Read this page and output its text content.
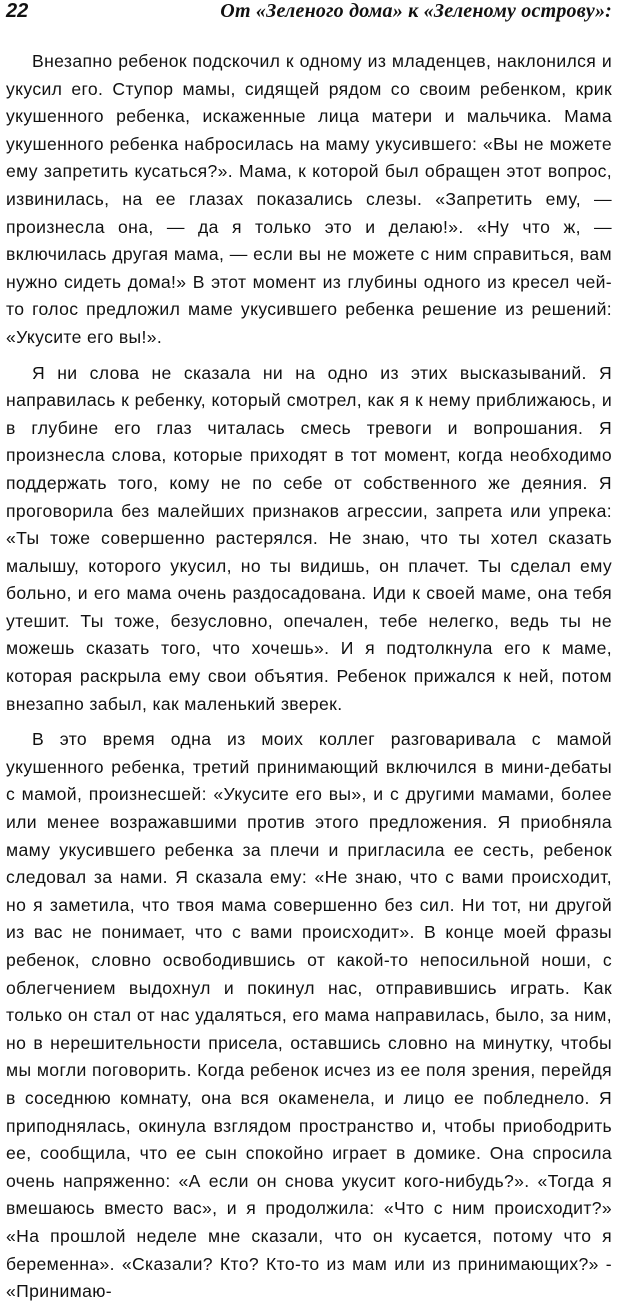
22	От «Зеленого дома» к «Зеленому острову»:

Внезапно ребенок подскочил к одному из младенцев, наклонился и укусил его. Ступор мамы, сидящей рядом со своим ребенком, крик укушенного ребенка, искаженные лица матери и мальчика. Мама укушенного ребенка набросилась на маму укусившего: «Вы не можете ему запретить кусаться?». Мама, к которой был обращен этот вопрос, извинилась, на ее глазах показались слезы. «Запретить ему, — произнесла она, — да я только это и делаю!». «Ну что ж, — включилась другая мама, — если вы не можете с ним справиться, вам нужно сидеть дома!» В этот момент из глубины одного из кресел чей-то голос предложил маме укусившего ребенка решение из решений: «Укусите его вы!».

Я ни слова не сказала ни на одно из этих высказываний. Я направилась к ребенку, который смотрел, как я к нему приближаюсь, и в глубине его глаз читалась смесь тревоги и вопрошания. Я произнесла слова, которые приходят в тот момент, когда необходимо поддержать того, кому не по себе от собственного же деяния. Я проговорила без малейших признаков агрессии, запрета или упрека: «Ты тоже совершенно растерялся. Не знаю, что ты хотел сказать малышу, которого укусил, но ты видишь, он плачет. Ты сделал ему больно, и его мама очень раздосадована. Иди к своей маме, она тебя утешит. Ты тоже, безусловно, опечален, тебе нелегко, ведь ты не можешь сказать того, что хочешь». И я подтолкнула его к маме, которая раскрыла ему свои объятия. Ребенок прижался к ней, потом внезапно забыл, как маленький зверек.

В это время одна из моих коллег разговаривала с мамой укушенного ребенка, третий принимающий включился в мини-дебаты с мамой, произнесшей: «Укусите его вы», и с другими мамами, более или менее возражавшими против этого предложения. Я приобняла маму укусившего ребенка за плечи и пригласила ее сесть, ребенок следовал за нами. Я сказала ему: «Не знаю, что с вами происходит, но я заметила, что твоя мама совершенно без сил. Ни тот, ни другой из вас не понимает, что с вами происходит». В конце моей фразы ребенок, словно освободившись от какой-то непосильной ноши, с облегчением выдохнул и покинул нас, отправившись играть. Как только он стал от нас удаляться, его мама направилась, было, за ним, но в нерешительности присела, оставшись словно на минутку, чтобы мы могли поговорить. Когда ребенок исчез из ее поля зрения, перейдя в соседнюю комнату, она вся окаменела, и лицо ее побледнело. Я приподнялась, окинула взглядом пространство и, чтобы приободрить ее, сообщила, что ее сын спокойно играет в домике. Она спросила очень напряженно: «А если он снова укусит кого-нибудь?». «Тогда я вмешаюсь вместо вас», и я продолжила: «Что с ним происходит?» «На прошлой неделе мне сказали, что он кусается, потому что я беременна». «Сказали? Кто? Кто-то из мам или из принимающих?» - «Принимаю-
